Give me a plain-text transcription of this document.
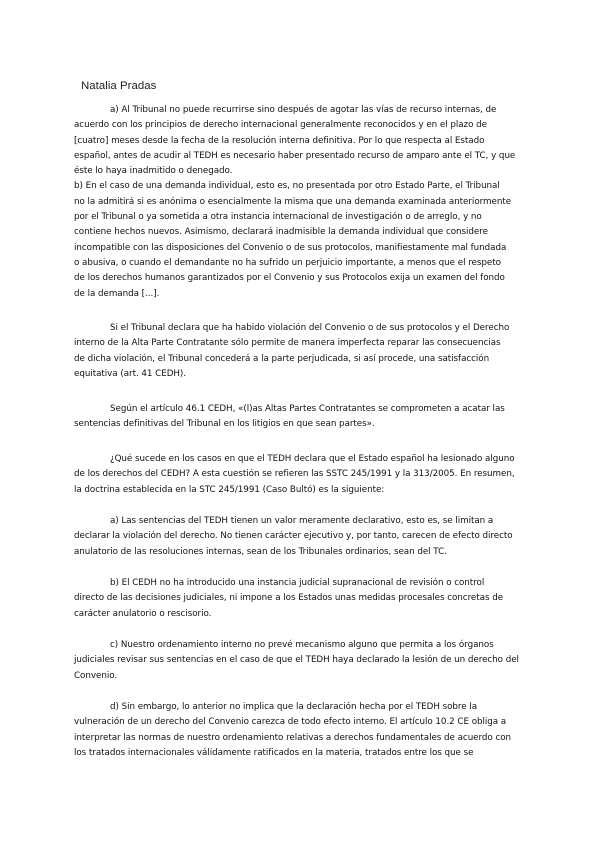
Natalia Pradas
a) Al Tribunal no puede recurrirse sino después de agotar las vías de recurso internas, de
acuerdo con los principios de derecho internacional generalmente reconocidos y en el plazo de
[cuatro] meses desde la fecha de la resolución interna definitiva. Por lo que respecta al Estado
español, antes de acudir al TEDH es necesario haber presentado recurso de amparo ante el TC, y que
éste lo haya inadmitido o denegado.
b) En el caso de una demanda individual, esto es, no presentada por otro Estado Parte, el Tribunal
no la admitirá si es anónima o esencialmente la misma que una demanda examinada anteriormente
por el Tribunal o ya sometida a otra instancia internacional de investigación o de arreglo, y no
contiene hechos nuevos. Asimismo, declarará inadmisible la demanda individual que considere
incompatible con las disposiciones del Convenio o de sus protocolos, manifiestamente mal fundada
o abusiva, o cuando el demandante no ha sufrido un perjuicio importante, a menos que el respeto
de los derechos humanos garantizados por el Convenio y sus Protocolos exija un examen del fondo
de la demanda [...].
Si el Tribunal declara que ha habido violación del Convenio o de sus protocolos y el Derecho
interno de la Alta Parte Contratante sólo permite de manera imperfecta reparar las consecuencias
de dicha violación, el Tribunal concederá a la parte perjudicada, si así procede, una satisfacción
equitativa (art. 41 CEDH).
Según el artículo 46.1 CEDH, «(l)as Altas Partes Contratantes se comprometen a acatar las
sentencias definitivas del Tribunal en los litigios en que sean partes».
¿Qué sucede en los casos en que el TEDH declara que el Estado español ha lesionado alguno
de los derechos del CEDH? A esta cuestión se refieren las SSTC 245/1991 y la 313/2005. En resumen,
la doctrina establecida en la STC 245/1991 (Caso Bultó) es la siguiente:
a) Las sentencias del TEDH tienen un valor meramente declarativo, esto es, se limitan a
declarar la violación del derecho. No tienen carácter ejecutivo y, por tanto, carecen de efecto directo
anulatorio de las resoluciones internas, sean de los Tribunales ordinarios, sean del TC.
b) El CEDH no ha introducido una instancia judicial supranacional de revisión o control
directo de las decisiones judiciales, ni impone a los Estados unas medidas procesales concretas de
carácter anulatorio o rescisorio.
c) Nuestro ordenamiento interno no prevé mecanismo alguno que permita a los órganos
judiciales revisar sus sentencias en el caso de que el TEDH haya declarado la lesión de un derecho del
Convenio.
d) Sin embargo, lo anterior no implica que la declaración hecha por el TEDH sobre la
vulneración de un derecho del Convenio carezca de todo efecto interno. El artículo 10.2 CE obliga a
interpretar las normas de nuestro ordenamiento relativas a derechos fundamentales de acuerdo con
los tratados internacionales válidamente ratificados en la materia, tratados entre los que se
